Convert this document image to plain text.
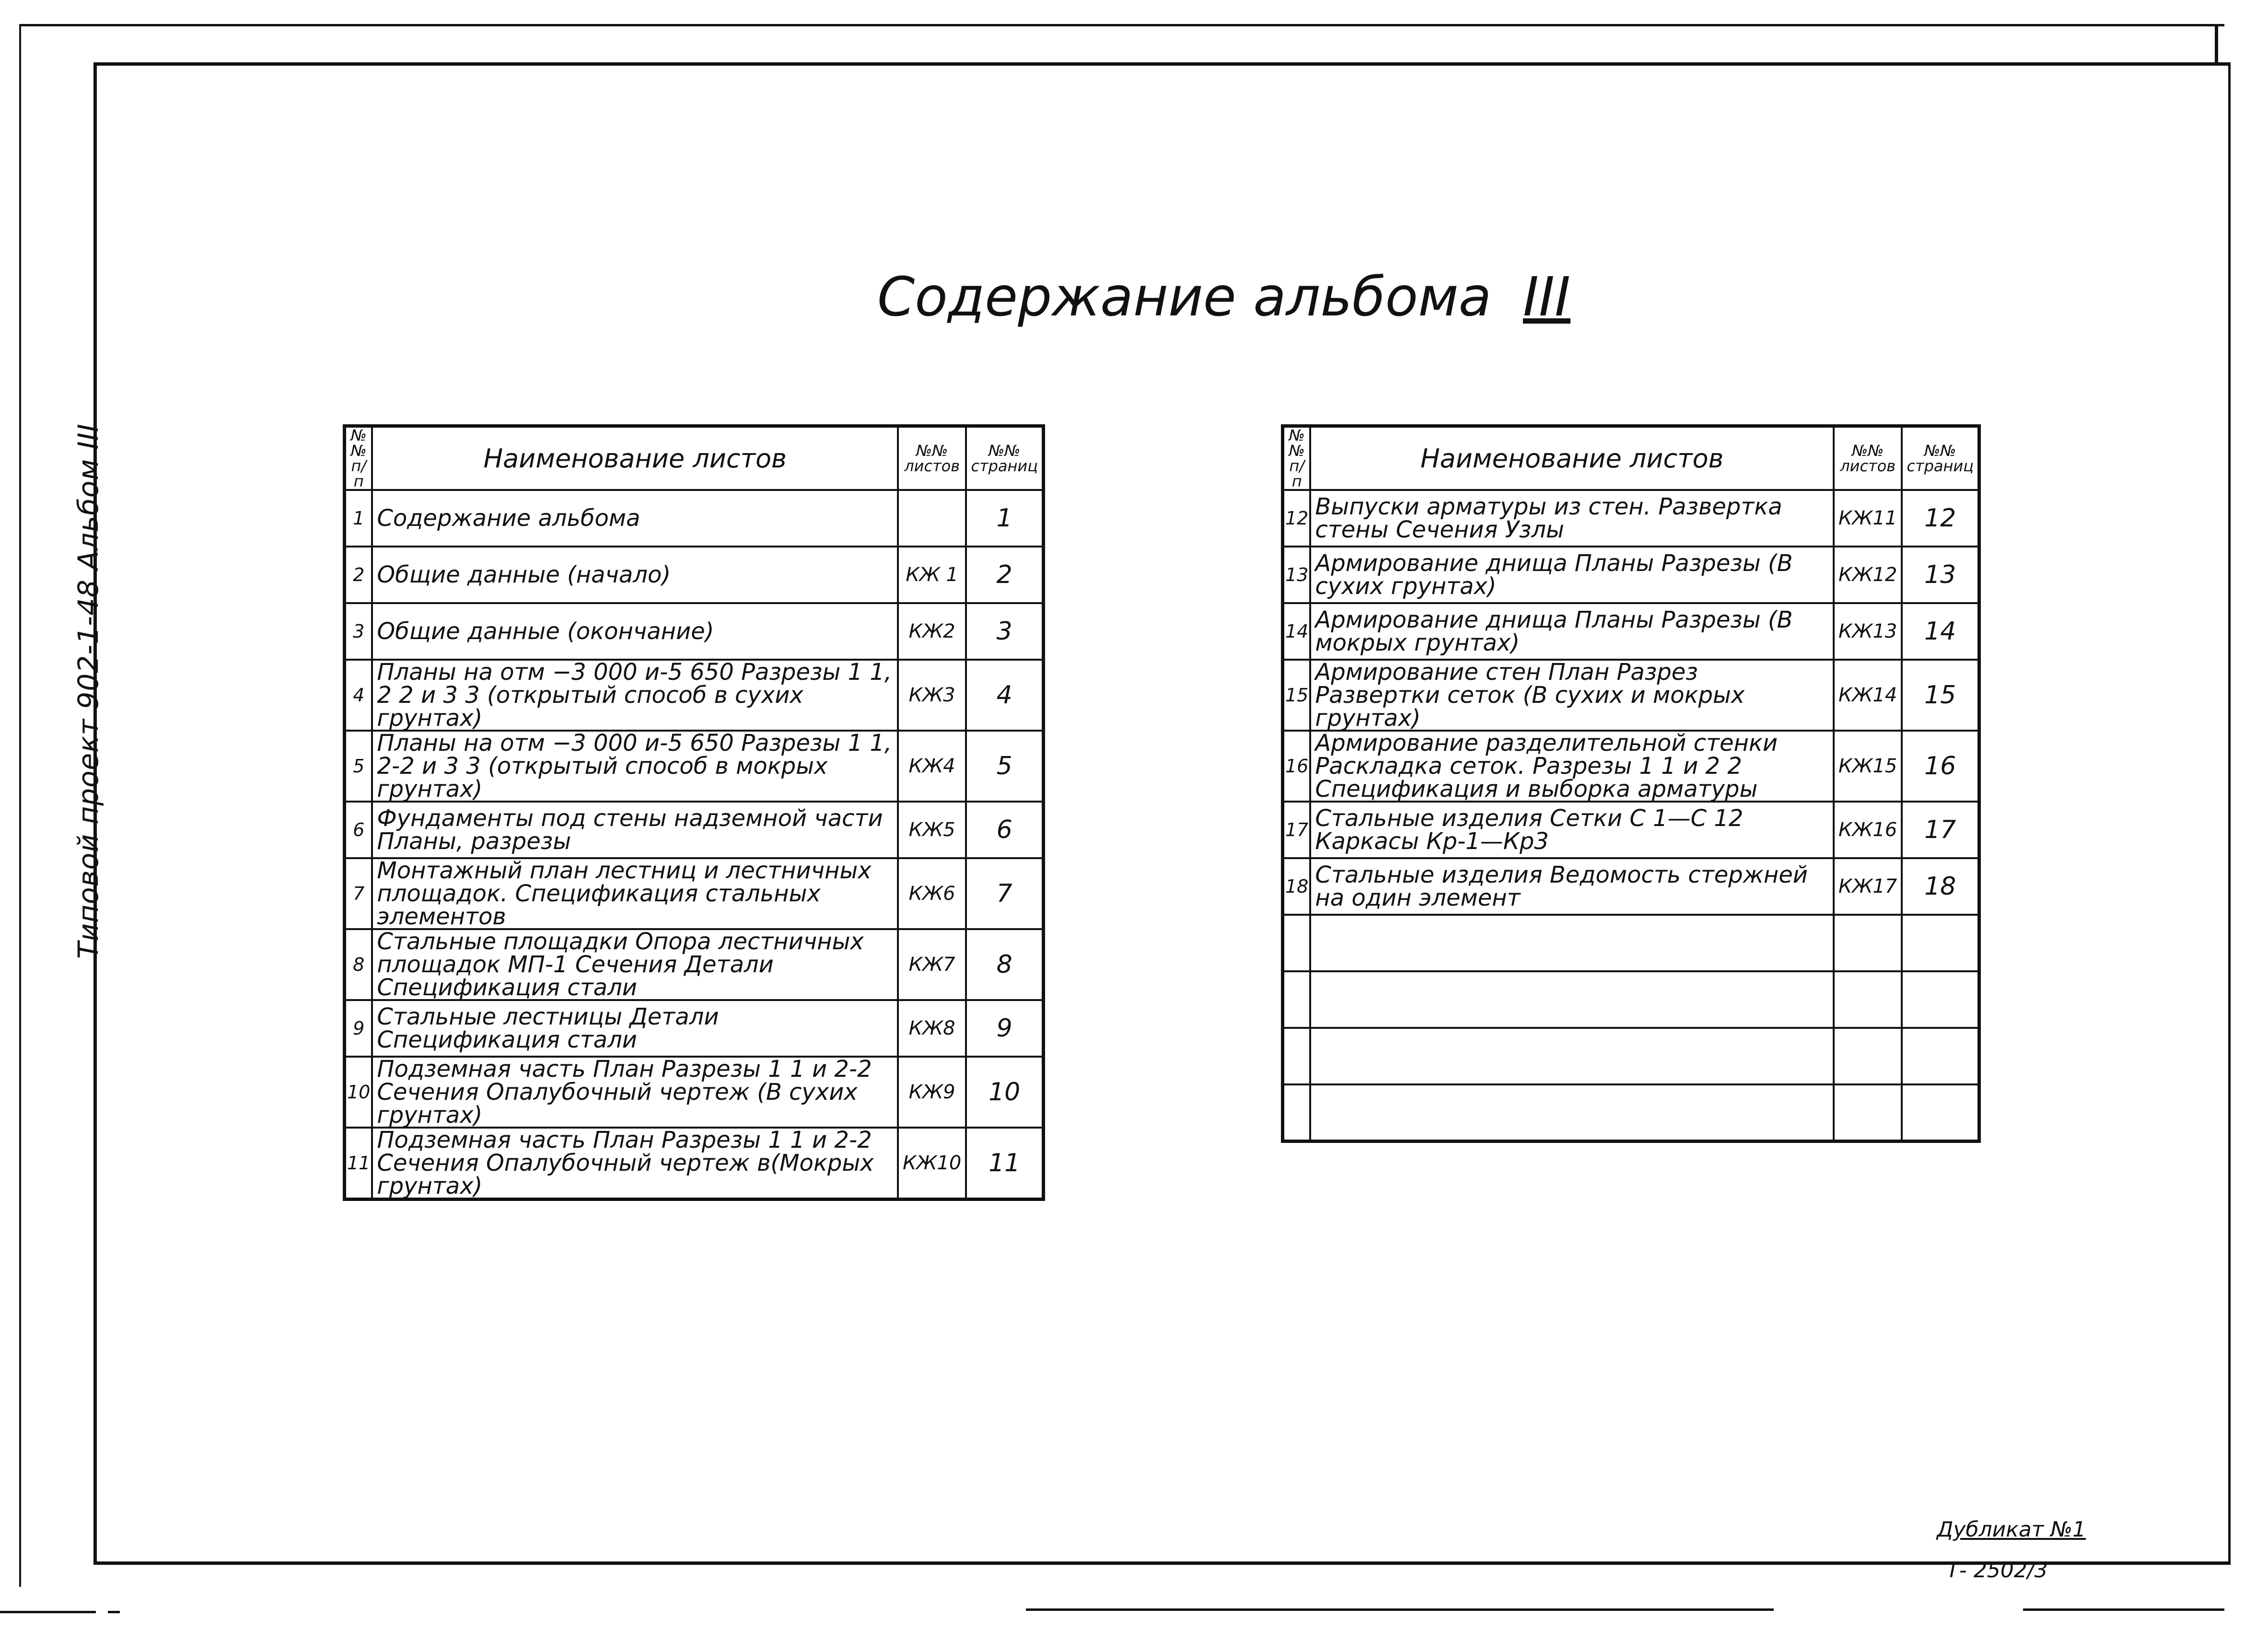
Типовой проект 902-1-48 Альбом III
Содержание альбома III
№№ п/п	Наименование листов	№№ листов	№№ страниц
1	Содержание альбома		1
2	Общие данные (начало)	КЖ 1	2
3	Общие данные (окончание)	КЖ2	3
4	Планы на отм −3 000 и-5 650 Разрезы 1 1, 2 2 и 3 3 (открытый способ в сухих грунтах)	КЖ3	4
5	Планы на отм −3 000 и-5 650 Разрезы 1 1, 2-2 и 3 3 (открытый способ в мокрых грунтах)	КЖ4	5
6	Фундаменты под стены надземной части Планы, разрезы	КЖ5	6
7	Монтажный план лестниц и лестничных площадок. Спецификация стальных элементов	КЖ6	7
8	Стальные площадки Опора лестничных площадок МП-1 Сечения Детали Спецификация стали	КЖ7	8
9	Стальные лестницы Детали Спецификация стали	КЖ8	9
10	Подземная часть План Разрезы 1 1 и 2-2 Сечения Опалубочный чертеж (В сухих грунтах)	КЖ9	10
11	Подземная часть План Разрезы 1 1 и 2-2 Сечения Опалубочный чертеж в(Мокрых грунтах)	КЖ10	11
№№ п/п	Наименование листов	№№ листов	№№ страниц
12	Выпуски арматуры из стен. Развертка стены Сечения Узлы	КЖ11	12
13	Армирование днища Планы Разрезы (В сухих грунтах)	КЖ12	13
14	Армирование днища Планы Разрезы (В мокрых грунтах)	КЖ13	14
15	Армирование стен План Разрез Развертки сеток (В сухих и мокрых грунтах)	КЖ14	15
16	Армирование разделительной стенки Раскладка сеток. Разрезы 1 1 и 2 2 Спецификация и выборка арматуры	КЖ15	16
17	Стальные изделия Сетки С 1—С 12 Каркасы Кр-1—Кр3	КЖ16	17
18	Стальные изделия Ведомость стержней на один элемент	КЖ17	18

Дубликат №1
Т- 2502/3
